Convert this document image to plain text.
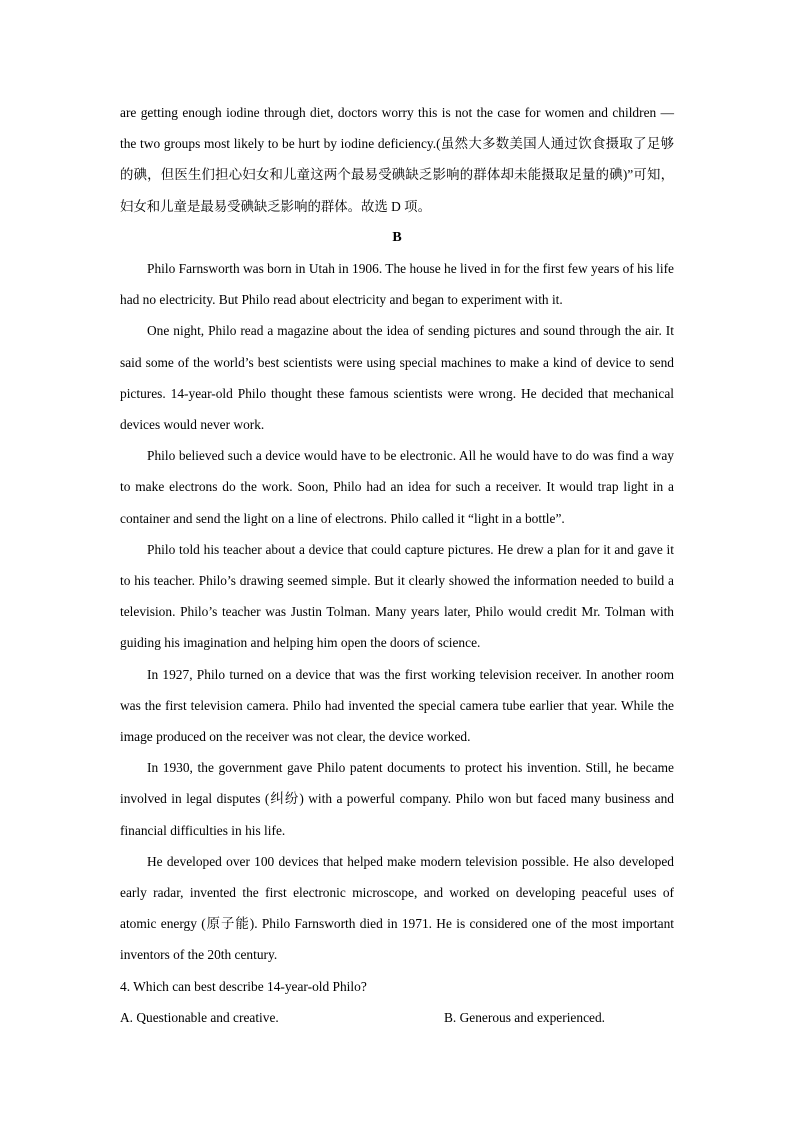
are getting enough iodine through diet, doctors worry this is not the case for women and children — the two groups most likely to be hurt by iodine deficiency.(虽然大多数美国人通过饮食摄取了足够的碘，但医生们担心妇女和儿童这两个最易受碘缺乏影响的群体却未能摄取足量的碘)”可知，妇女和儿童是最易受碘缺乏影响的群体。故选 D 项。

B

Philo Farnsworth was born in Utah in 1906. The house he lived in for the first few years of his life had no electricity. But Philo read about electricity and began to experiment with it.

One night, Philo read a magazine about the idea of sending pictures and sound through the air. It said some of the world’s best scientists were using special machines to make a kind of device to send pictures. 14-year-old Philo thought these famous scientists were wrong. He decided that mechanical devices would never work.

Philo believed such a device would have to be electronic. All he would have to do was find a way to make electrons do the work. Soon, Philo had an idea for such a receiver. It would trap light in a container and send the light on a line of electrons. Philo called it “light in a bottle”.

Philo told his teacher about a device that could capture pictures. He drew a plan for it and gave it to his teacher. Philo’s drawing seemed simple. But it clearly showed the information needed to build a television. Philo’s teacher was Justin Tolman. Many years later, Philo would credit Mr. Tolman with guiding his imagination and helping him open the doors of science.

In 1927, Philo turned on a device that was the first working television receiver. In another room was the first television camera. Philo had invented the special camera tube earlier that year. While the image produced on the receiver was not clear, the device worked.

In 1930, the government gave Philo patent documents to protect his invention. Still, he became involved in legal disputes (纠纷) with a powerful company. Philo won but faced many business and financial difficulties in his life.

He developed over 100 devices that helped make modern television possible. He also developed early radar, invented the first electronic microscope, and worked on developing peaceful uses of atomic energy (原子能). Philo Farnsworth died in 1971. He is considered one of the most important inventors of the 20th century.

4. Which can best describe 14-year-old Philo?

A. Questionable and creative.	B. Generous and experienced.
